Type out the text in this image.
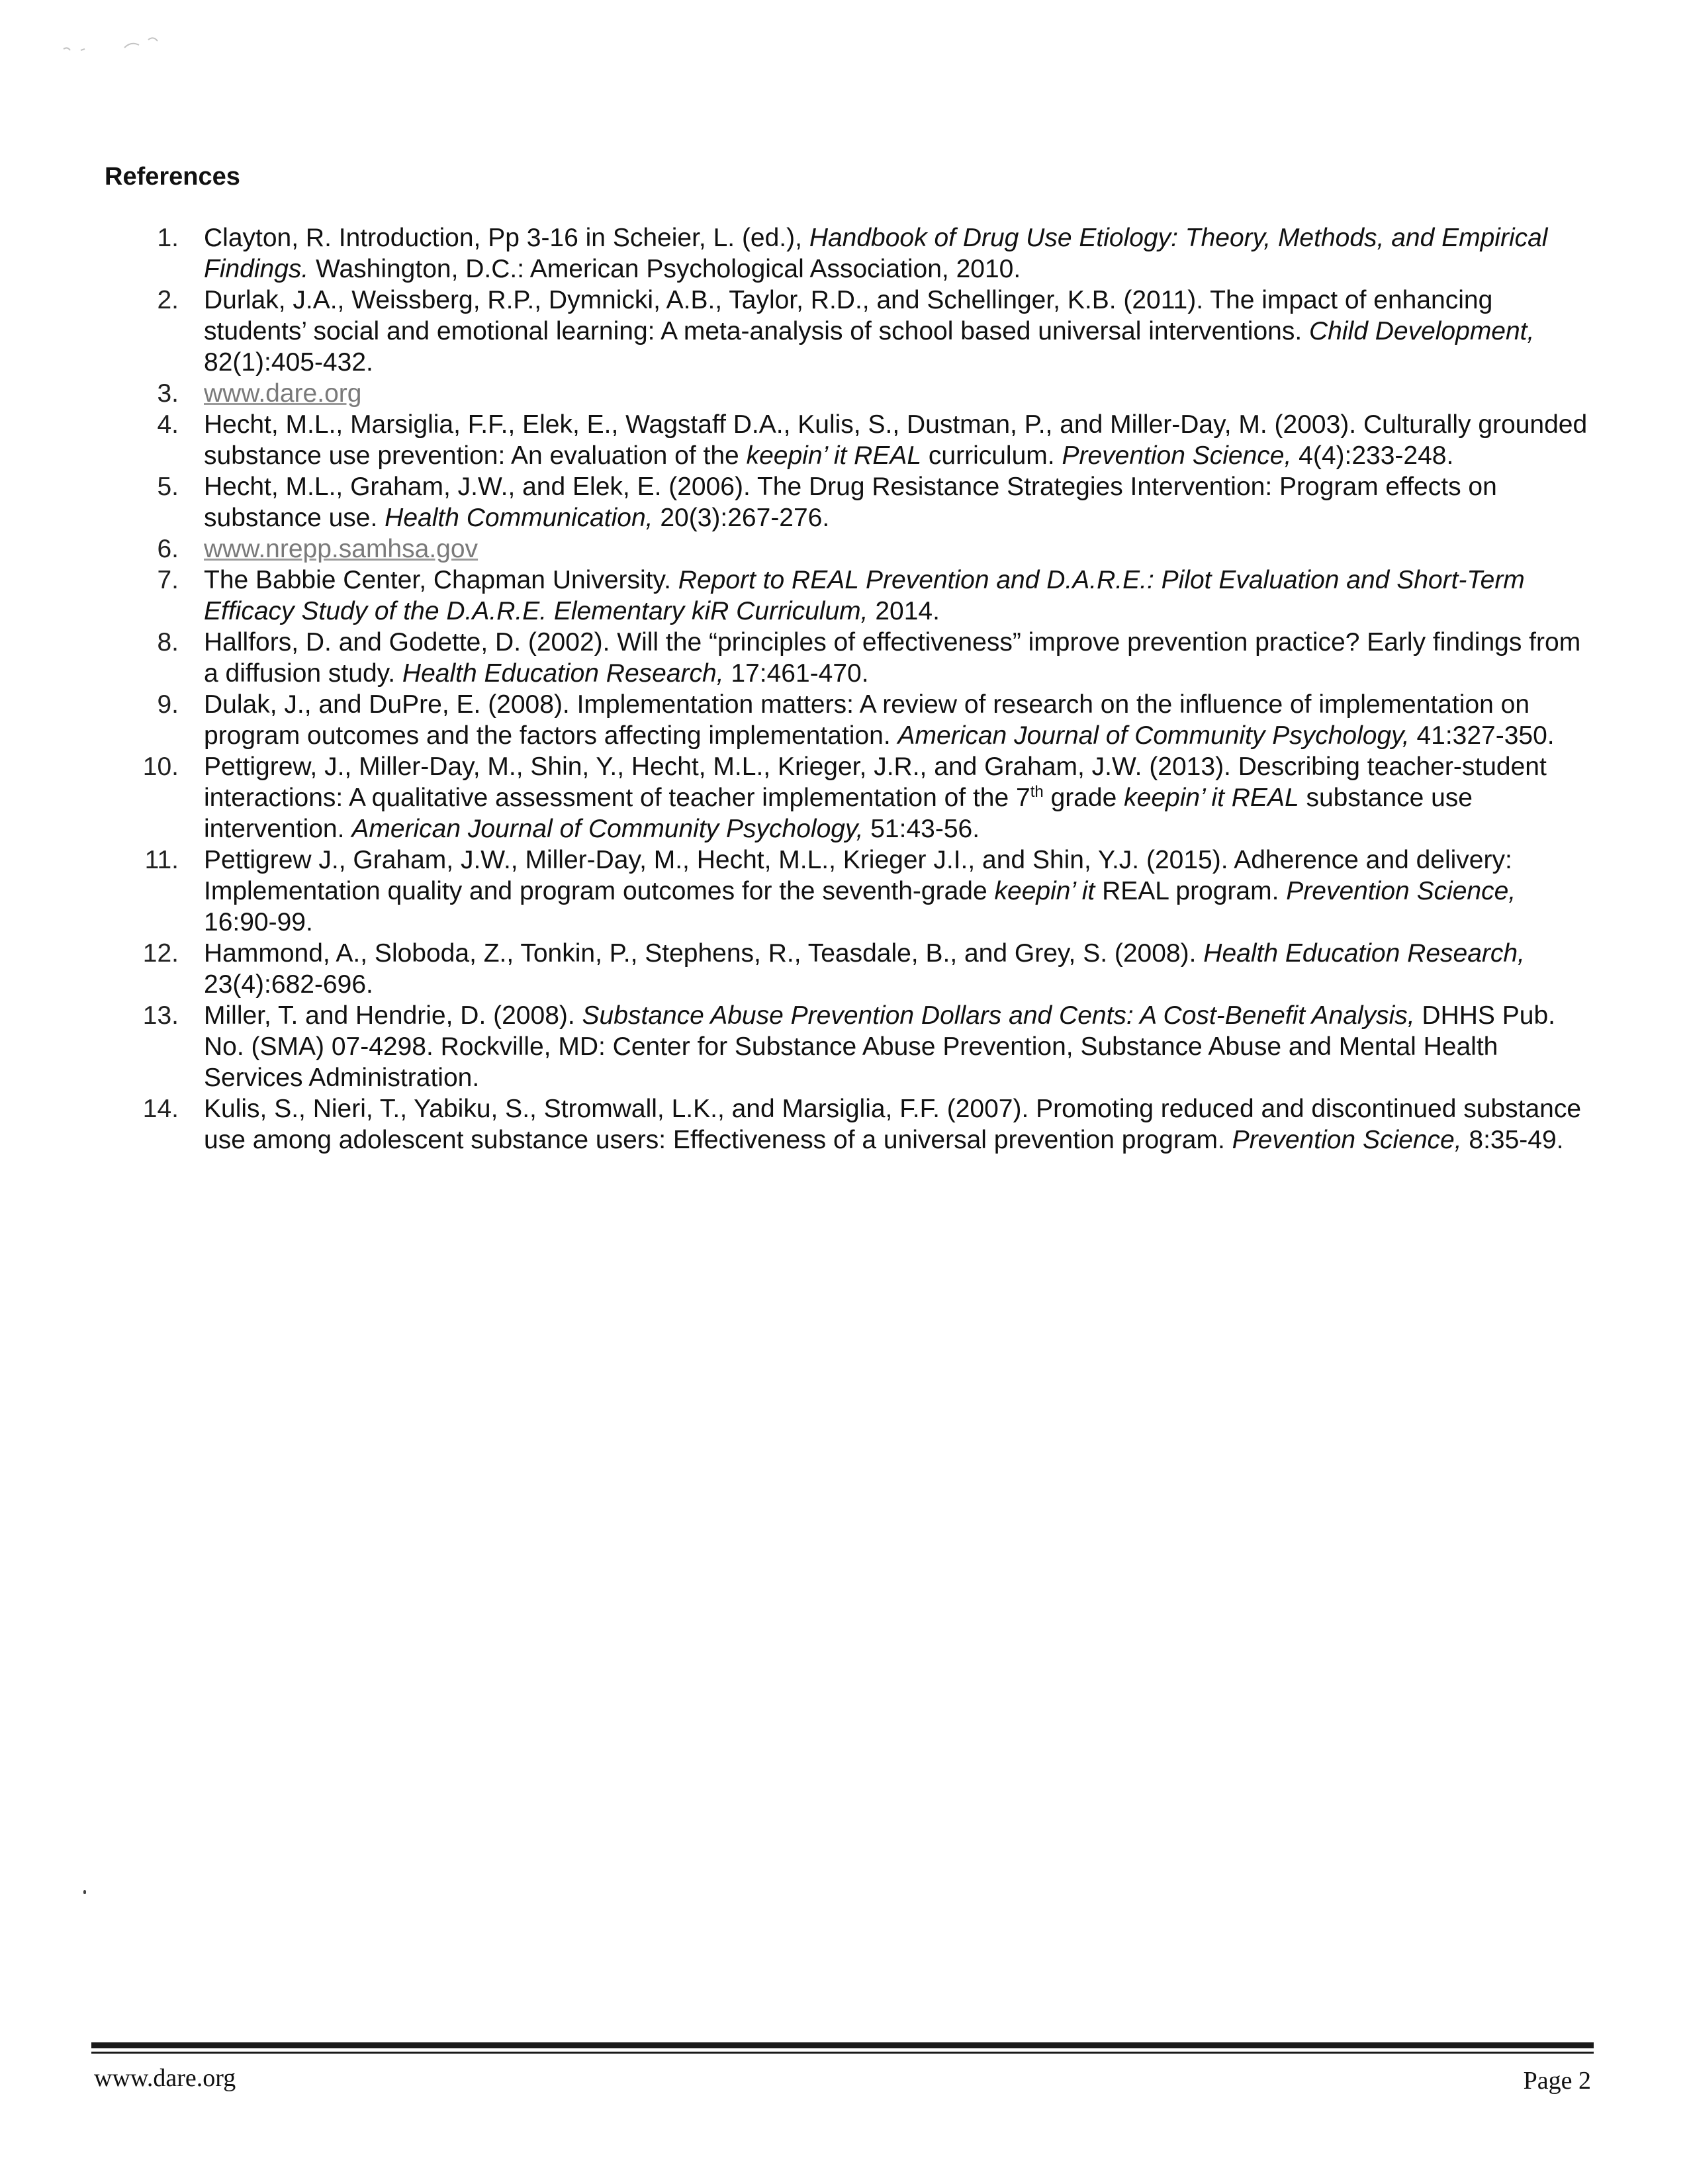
References
1. Clayton, R. Introduction, Pp 3-16 in Scheier, L. (ed.), Handbook of Drug Use Etiology: Theory, Methods, and Empirical Findings. Washington, D.C.: American Psychological Association, 2010.
2. Durlak, J.A., Weissberg, R.P., Dymnicki, A.B., Taylor, R.D., and Schellinger, K.B. (2011). The impact of enhancing students’ social and emotional learning: A meta-analysis of school based universal interventions. Child Development, 82(1):405-432.
3. www.dare.org
4. Hecht, M.L., Marsiglia, F.F., Elek, E., Wagstaff D.A., Kulis, S., Dustman, P., and Miller-Day, M. (2003). Culturally grounded substance use prevention: An evaluation of the keepin’ it REAL curriculum. Prevention Science, 4(4):233-248.
5. Hecht, M.L., Graham, J.W., and Elek, E. (2006). The Drug Resistance Strategies Intervention: Program effects on substance use. Health Communication, 20(3):267-276.
6. www.nrepp.samhsa.gov
7. The Babbie Center, Chapman University. Report to REAL Prevention and D.A.R.E.: Pilot Evaluation and Short-Term Efficacy Study of the D.A.R.E. Elementary kiR Curriculum, 2014.
8. Hallfors, D. and Godette, D. (2002). Will the “principles of effectiveness” improve prevention practice? Early findings from a diffusion study. Health Education Research, 17:461-470.
9. Dulak, J., and DuPre, E. (2008). Implementation matters: A review of research on the influence of implementation on program outcomes and the factors affecting implementation. American Journal of Community Psychology, 41:327-350.
10. Pettigrew, J., Miller-Day, M., Shin, Y., Hecht, M.L., Krieger, J.R., and Graham, J.W. (2013). Describing teacher-student interactions: A qualitative assessment of teacher implementation of the 7th grade keepin’ it REAL substance use intervention. American Journal of Community Psychology, 51:43-56.
11. Pettigrew J., Graham, J.W., Miller-Day, M., Hecht, M.L., Krieger J.I., and Shin, Y.J. (2015). Adherence and delivery: Implementation quality and program outcomes for the seventh-grade keepin’ it REAL program. Prevention Science, 16:90-99.
12. Hammond, A., Sloboda, Z., Tonkin, P., Stephens, R., Teasdale, B., and Grey, S. (2008). Health Education Research, 23(4):682-696.
13. Miller, T. and Hendrie, D. (2008). Substance Abuse Prevention Dollars and Cents: A Cost-Benefit Analysis, DHHS Pub. No. (SMA) 07-4298. Rockville, MD: Center for Substance Abuse Prevention, Substance Abuse and Mental Health Services Administration.
14. Kulis, S., Nieri, T., Yabiku, S., Stromwall, L.K., and Marsiglia, F.F. (2007). Promoting reduced and discontinued substance use among adolescent substance users: Effectiveness of a universal prevention program. Prevention Science, 8:35-49.
www.dare.org	Page 2
